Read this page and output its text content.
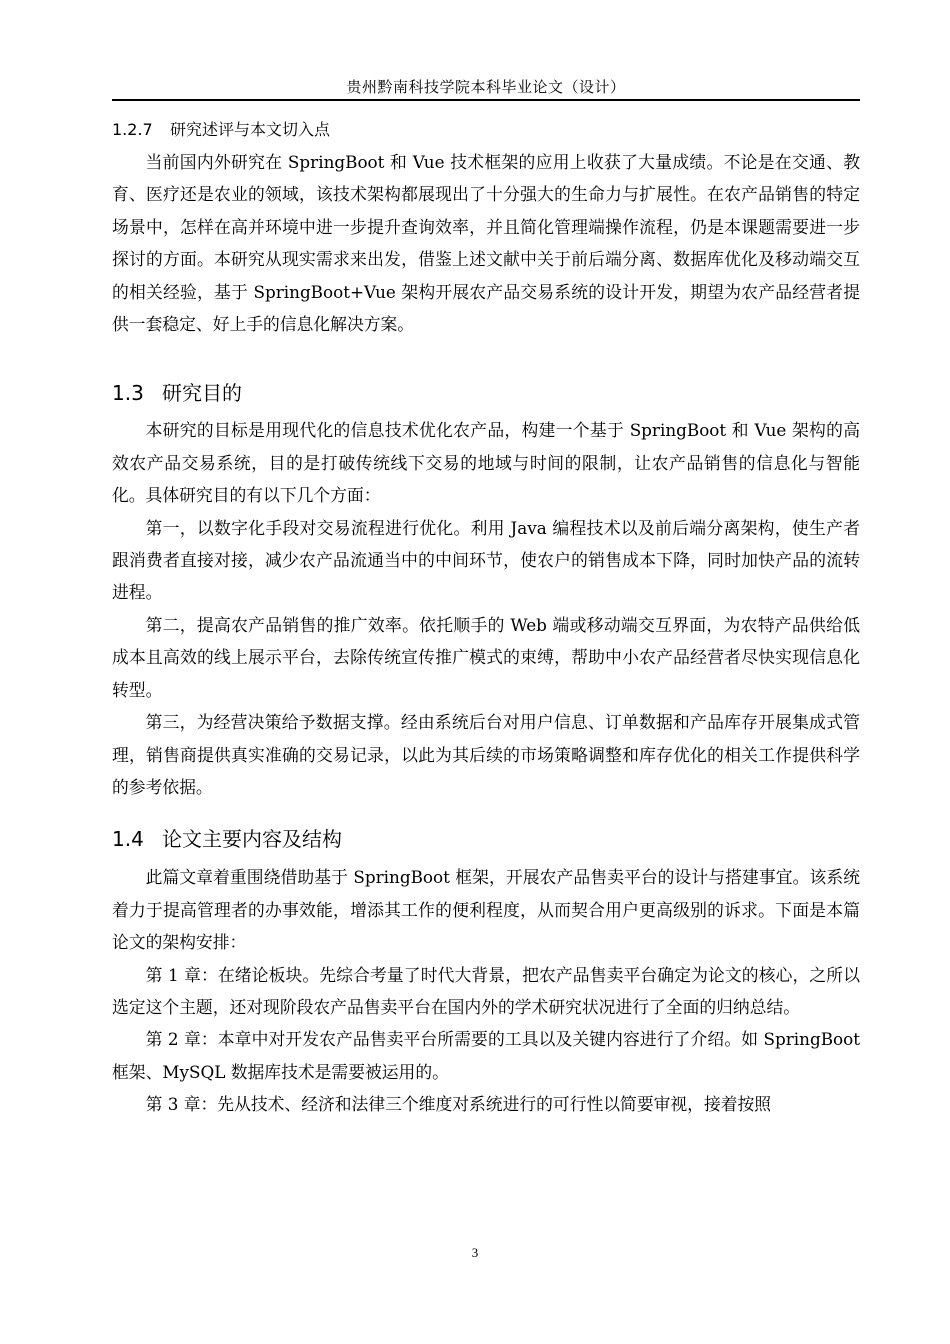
贵州黔南科技学院本科毕业论文（设计）
1.2.7 研究述评与本文切入点

当前国内外研究在 SpringBoot 和 Vue 技术框架的应用上收获了大量成绩。不论是在交通、教育、医疗还是农业的领域，该技术架构都展现出了十分强大的生命力与扩展性。在农产品销售的特定场景中，怎样在高并环境中进一步提升查询效率，并且简化管理端操作流程，仍是本课题需要进一步探讨的方面。本研究从现实需求来出发，借鉴上述文献中关于前后端分离、数据库优化及移动端交互的相关经验，基于 SpringBoot+Vue 架构开展农产品交易系统的设计开发，期望为农产品经营者提供一套稳定、好上手的信息化解决方案。

1.3 研究目的

本研究的目标是用现代化的信息技术优化农产品，构建一个基于 SpringBoot 和 Vue 架构的高效农产品交易系统，目的是打破传统线下交易的地域与时间的限制，让农产品销售的信息化与智能化。具体研究目的有以下几个方面：

第一，以数字化手段对交易流程进行优化。利用 Java 编程技术以及前后端分离架构，使生产者跟消费者直接对接，减少农产品流通当中的中间环节，使农户的销售成本下降，同时加快产品的流转进程。

第二，提高农产品销售的推广效率。依托顺手的 Web 端或移动端交互界面，为农特产品供给低成本且高效的线上展示平台，去除传统宣传推广模式的束缚，帮助中小农产品经营者尽快实现信息化转型。

第三，为经营决策给予数据支撑。经由系统后台对用户信息、订单数据和产品库存开展集成式管理，销售商提供真实准确的交易记录，以此为其后续的市场策略调整和库存优化的相关工作提供科学的参考依据。

1.4 论文主要内容及结构

此篇文章着重围绕借助基于 SpringBoot 框架，开展农产品售卖平台的设计与搭建事宜。该系统着力于提高管理者的办事效能，增添其工作的便利程度，从而契合用户更高级别的诉求。下面是本篇论文的架构安排：

第 1 章：在绪论板块。先综合考量了时代大背景，把农产品售卖平台确定为论文的核心，之所以选定这个主题，还对现阶段农产品售卖平台在国内外的学术研究状况进行了全面的归纳总结。

第 2 章：本章中对开发农产品售卖平台所需要的工具以及关键内容进行了介绍。如 SpringBoot 框架、MySQL 数据库技术是需要被运用的。

第 3 章：先从技术、经济和法律三个维度对系统进行的可行性以简要审视，接着按照

3
